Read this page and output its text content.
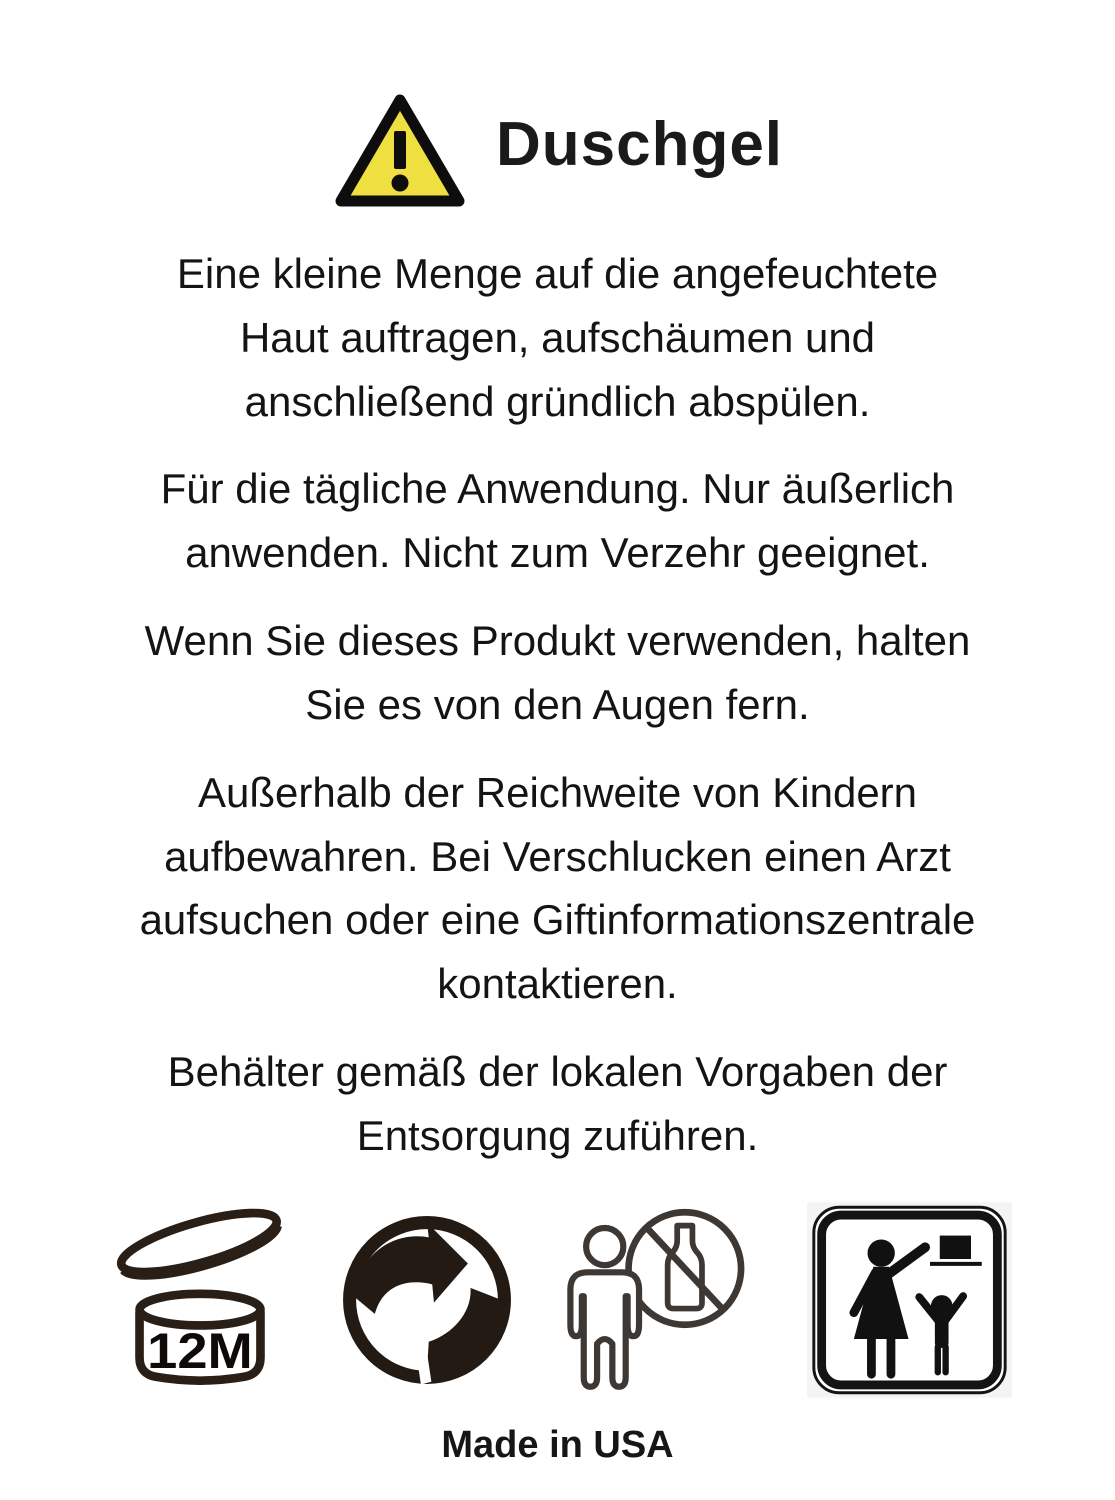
Duschgel

Eine kleine Menge auf die angefeuchtete
Haut auftragen, aufschäumen und
anschließend gründlich abspülen.

Für die tägliche Anwendung. Nur äußerlich
anwenden. Nicht zum Verzehr geeignet.

Wenn Sie dieses Produkt verwenden, halten
Sie es von den Augen fern.

Außerhalb der Reichweite von Kindern
aufbewahren. Bei Verschlucken einen Arzt
aufsuchen oder eine Giftinformationszentrale
kontaktieren.

Behälter gemäß der lokalen Vorgaben der
Entsorgung zuführen.

12M
Made in USA
